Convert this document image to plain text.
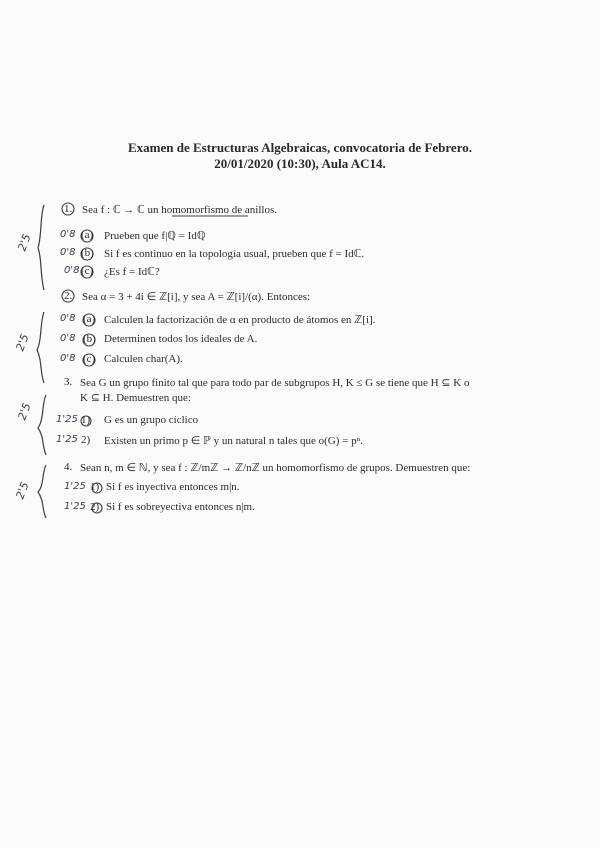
Examen de Estructuras Algebraicas, convocatoria de Febrero.
20/01/2020 (10:30), Aula AC14.
2'5
2'5
2'5
2'5
1. Sea f : ℂ → ℂ un homomorfismo de anillos.
0'8 (a) Prueben que f|ℚ = Idℚ
0'8 (b) Si f es continuo en la topología usual, prueben que f = Idℂ.
0'8 (c) ¿Es f = Idℂ?
2. Sea α = 3 + 4i ∈ ℤ[i], y sea A = ℤ[i]/(α). Entonces:
0'8 (a) Calculen la factorización de α en producto de átomos en ℤ[i].
0'8 (b) Determinen todos los ideales de A.
0'8 (c) Calculen char(A).
3. Sea G un grupo finito tal que para todo par de subgrupos H, K ≤ G se tiene que H ⊆ K o
K ⊆ H. Demuestren que:
1'25 1) G es un grupo cíclico
1'25 2) Existen un primo p ∈ ℙ y un natural n tales que o(G) = pⁿ.
4. Sean n, m ∈ ℕ, y sea f : ℤ/mℤ → ℤ/nℤ un homomorfismo de grupos. Demuestren que:
1'25 1) Si f es inyectiva entonces m|n.
1'25 2) Si f es sobreyectiva entonces n|m.
